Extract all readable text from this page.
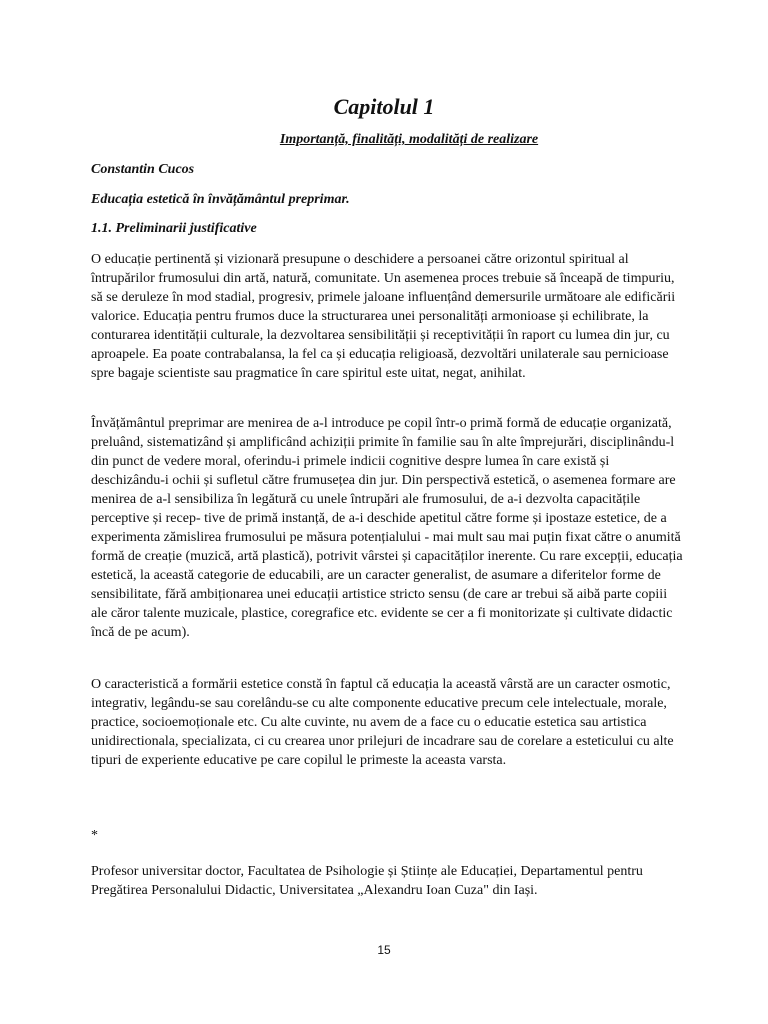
Capitolul 1

Importanță, finalități, modalități de realizare

Constantin Cucos

Educația estetică în învățământul preprimar.

1.1. Preliminarii justificative

O educație pertinentă și vizionară presupune o deschidere a persoanei către orizontul spiritual al întrupărilor frumosului din artă, natură, comunitate. Un asemenea proces trebuie să înceapă de timpuriu, să se deruleze în mod stadial, progresiv, primele jaloane influențând demersurile următoare ale edificării valorice. Educația pentru frumos duce la structurarea unei personalități armonioase și echilibrate, la conturarea identității culturale, la dezvoltarea sensibilității și receptivității în raport cu lumea din jur, cu aproapele. Ea poate contrabalansa, la fel ca și educația religioasă, dezvoltări unilaterale sau pernicioase spre bagaje scientiste sau pragmatice în care spiritul este uitat, negat, anihilat.

Învățământul preprimar are menirea de a-l introduce pe copil într-o primă formă de educație organizată, preluând, sistematizând și amplificând achiziții primite în familie sau în alte împrejurări, disciplinându-l din punct de vedere moral, oferindu-i primele indicii cognitive despre lumea în care există și deschizându-i ochii și sufletul către frumusețea din jur. Din perspectivă estetică, o asemenea formare are menirea de a-l sensibiliza în legătură cu unele întrupări ale frumosului, de a-i dezvolta capacitățile perceptive și recep- tive de primă instanță, de a-i deschide apetitul către forme și ipostaze estetice, de a experimenta zămislirea frumosului pe măsura potențialului - mai mult sau mai puțin fixat către o anumită formă de creație (muzică, artă plastică), potrivit vârstei și capacităților inerente. Cu rare excepții, educația estetică, la această categorie de educabili, are un caracter generalist, de asumare a diferitelor forme de sensibilitate, fără ambiționarea unei educații artistice stricto sensu (de care ar trebui să aibă parte copiii ale căror talente muzicale, plastice, coregrafice etc. evidente se cer a fi monitorizate și cultivate didactic încă de pe acum).

O caracteristică a formării estetice constă în faptul că educația la această vârstă are un caracter osmotic, integrativ, legându-se sau corelându-se cu alte componente educative precum cele intelectuale, morale, practice, socioemoționale etc. Cu alte cuvinte, nu avem de a face cu o educatie estetica sau artistica unidirectionala, specializata, ci cu crearea unor prilejuri de incadrare sau de corelare a esteticului cu alte tipuri de experiente educative pe care copilul le primeste la aceasta varsta.

*

Profesor universitar doctor, Facultatea de Psihologie și Științe ale Educației, Departamentul pentru Pregătirea Personalului Didactic, Universitatea „Alexandru Ioan Cuza" din Iași.

15
